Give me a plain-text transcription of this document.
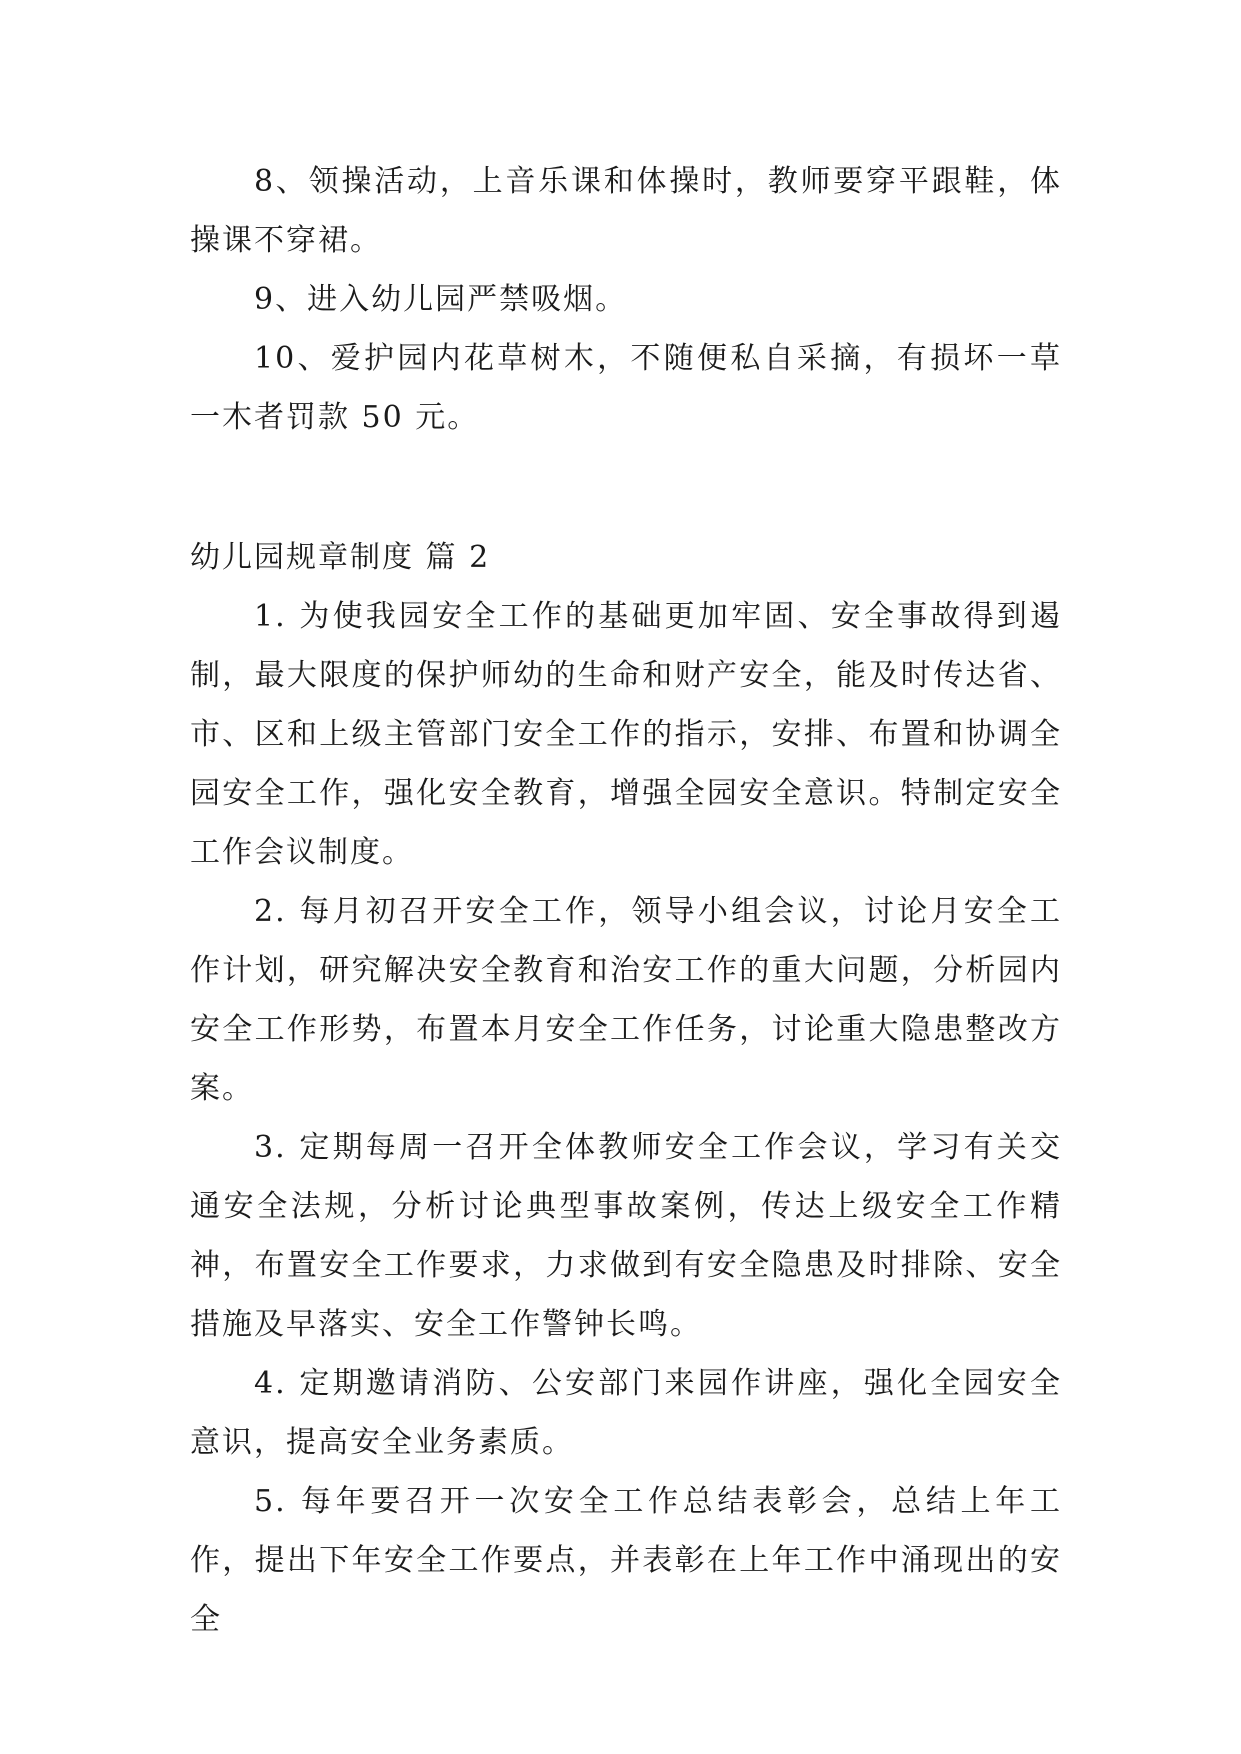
8、领操活动，上音乐课和体操时，教师要穿平跟鞋，体操课不穿裙。

9、进入幼儿园严禁吸烟。

10、爱护园内花草树木，不随便私自采摘，有损坏一草一木者罚款 50 元。

幼儿园规章制度 篇 2

1. 为使我园安全工作的基础更加牢固、安全事故得到遏制，最大限度的保护师幼的生命和财产安全，能及时传达省、市、区和上级主管部门安全工作的指示，安排、布置和协调全园安全工作，强化安全教育，增强全园安全意识。特制定安全工作会议制度。

2. 每月初召开安全工作，领导小组会议，讨论月安全工作计划，研究解决安全教育和治安工作的重大问题，分析园内安全工作形势，布置本月安全工作任务，讨论重大隐患整改方案。

3. 定期每周一召开全体教师安全工作会议，学习有关交通安全法规，分析讨论典型事故案例，传达上级安全工作精神，布置安全工作要求，力求做到有安全隐患及时排除、安全措施及早落实、安全工作警钟长鸣。

4. 定期邀请消防、公安部门来园作讲座，强化全园安全意识，提高安全业务素质。

5. 每年要召开一次安全工作总结表彰会，总结上年工作，提出下年安全工作要点，并表彰在上年工作中涌现出的安全
